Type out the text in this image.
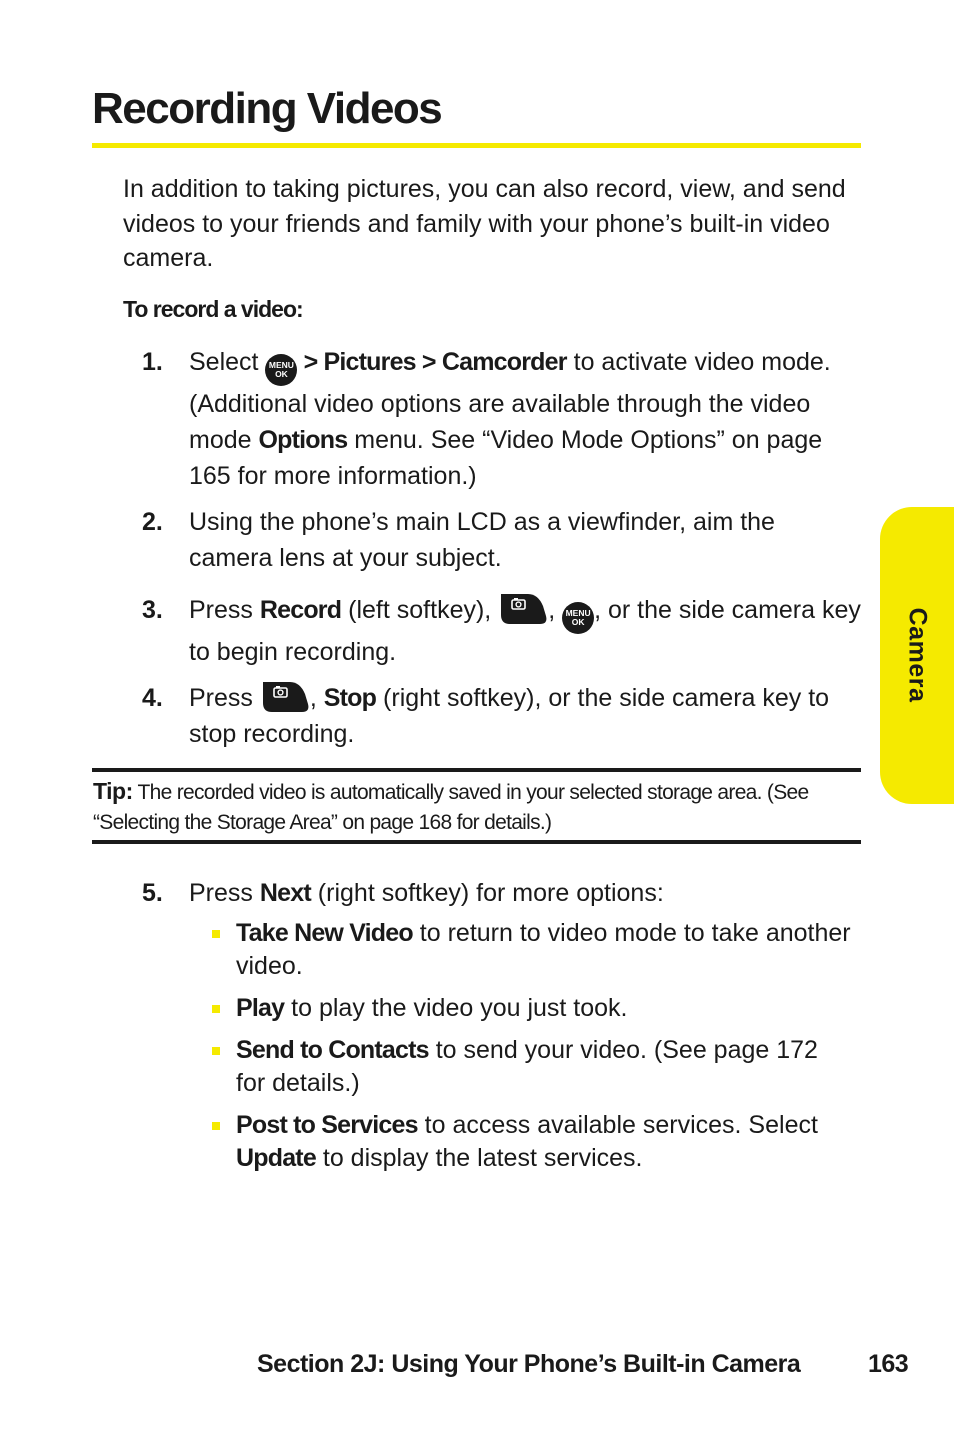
Recording Videos

In addition to taking pictures, you can also record, view, and send videos to your friends and family with your phone’s built-in video camera.

To record a video:

1. Select MENU
OK > Pictures > Camcorder to activate video mode. (Additional video options are available through the video mode Options menu. See “Video Mode Options” on page 165 for more information.)
2. Using the phone’s main LCD as a viewfinder, aim the camera lens at your subject.
3. Press Record (left softkey), , MENU
OK , or the side camera key to begin recording.
4. Press , Stop (right softkey), or the side camera key to stop recording.

Tip: The recorded video is automatically saved in your selected storage area. (See “Selecting the Storage Area” on page 168 for details.)

5. Press Next (right softkey) for more options:
Take New Video to return to video mode to take another video.
Play to play the video you just took.
Send to Contacts to send your video. (See page 172 for details.)
Post to Services to access available services. Select Update to display the latest services.
Camera
Section 2J: Using Your Phone’s Built-in Camera	163
